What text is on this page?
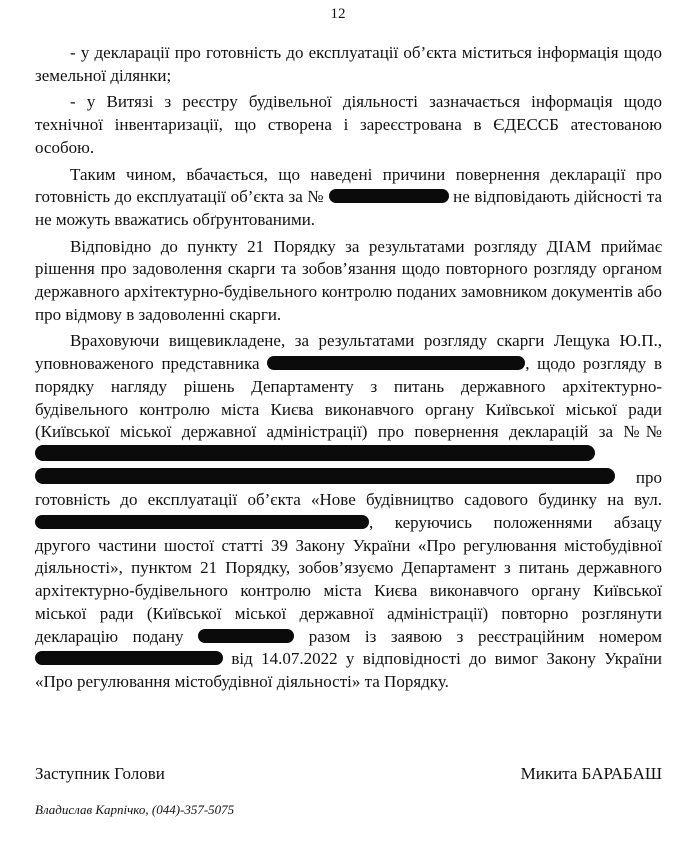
12

- у декларації про готовність до експлуатації об’єкта міститься інформація щодо земельної ділянки;

- у Витязі з реєстру будівельної діяльності зазначається інформація щодо технічної інвентаризації, що створена і зареєстрована в ЄДЕССБ атестованою особою.

Таким чином, вбачається, що наведені причини повернення декларації про готовність до експлуатації об’єкта за №	не відповідають дійсності та не можуть вважатись обґрунтованими.

Відповідно до пункту 21 Порядку за результатами розгляду ДІАМ приймає рішення про задоволення скарги та зобов’язання щодо повторного розгляду органом державного архітектурно-будівельного контролю поданих замовником документів або про відмову в задоволенні скарги.

Враховуючи вищевикладене, за результатами розгляду скарги Лещука Ю.П., уповноваженого представника	, щодо розгляду в порядку нагляду рішень Департаменту з питань державного архітектурно-будівельного контролю міста Києва виконавчого органу Київської міської ради (Київської міської державної адміністрації) про повернення декларацій за №№   про готовність до експлуатації об’єкта «Нове будівництво садового будинку на вул. , керуючись положеннями абзацу другого частини шостої статті 39 Закону України «Про регулювання містобудівної діяльності», пунктом 21 Порядку, зобов’язуємо Департамент з питань державного архітектурно-будівельного контролю міста Києва виконавчого органу Київської міської ради (Київської міської державної адміністрації) повторно розглянути декларацію подану	разом із заявою з реєстраційним номером  від 14.07.2022 у відповідності до вимог Закону України «Про регулювання містобудівної діяльності» та Порядку.

Заступник Голови	Микита БАРАБАШ
Владислав Карпічко, (044)-357-5075
